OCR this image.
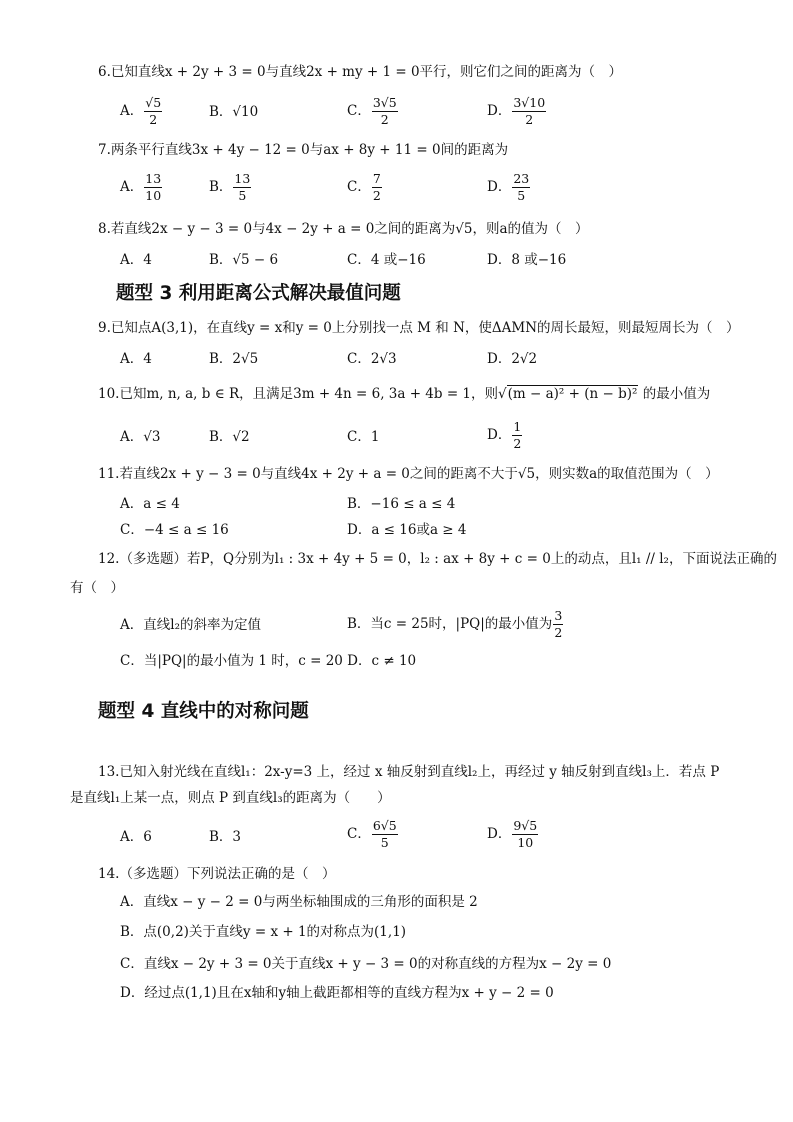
6.已知直线x + 2y + 3 = 0与直线2x + my + 1 = 0平行，则它们之间的距离为（　）
A． $\frac{√5}{2}$	B．√10	C． $\frac{3√5}{2}$	D． $\frac{3√10}{2}$
7.两条平行直线3x + 4y − 12 = 0与ax + 8y + 11 = 0间的距离为
A． $\frac{13}{10}$	B． $\frac{13}{5}$	C． $\frac{7}{2}$	D． $\frac{23}{5}$
8.若直线2x − y − 3 = 0与4x − 2y + a = 0之间的距离为√5，则a的值为（　）
A．4	B．√5 − 6	C．4 或−16	D．8 或−16
题型 3 利用距离公式解决最值问题
9.已知点A(3,1)，在直线y = x和y = 0上分别找一点 M 和 N，使ΔAMN的周长最短，则最短周长为（　）
A．4	B．2√5	C．2√3	D．2√2
10.已知m, n, a, b ∈ R，且满足3m + 4n = 6, 3a + 4b = 1，则√(m − a)² + (n − b)² 的最小值为
A．√3	B．√2	C．1	D． $\frac{1}{2}$
11.若直线2x + y − 3 = 0与直线4x + 2y + a = 0之间的距离不大于√5，则实数a的取值范围为（　）
A．a ≤ 4	B．−16 ≤ a ≤ 4
C．−4 ≤ a ≤ 16	D．a ≤ 16或a ≥ 4
12.（多选题）若P，Q分别为l₁ : 3x + 4y + 5 = 0，l₂ : ax + 8y + c = 0上的动点，且l₁ // l₂，下面说法正确的
有（　）
A．直线l₂的斜率为定值	B．当c = 25时，|PQ|的最小值为 $\frac{3}{2}$
C．当|PQ|的最小值为 1 时，c = 20 D．c ≠ 10
题型 4 直线中的对称问题
13.已知入射光线在直线l₁：2x-y=3 上，经过 x 轴反射到直线l₂上，再经过 y 轴反射到直线l₃上．若点 P
是直线l₁上某一点，则点 P 到直线l₃的距离为（　　）
A．6	B．3	C． $\frac{6√5}{5}$	D． $\frac{9√5}{10}$
14.（多选题）下列说法正确的是（　）
A．直线x − y − 2 = 0与两坐标轴围成的三角形的面积是 2
B．点(0,2)关于直线y = x + 1的对称点为(1,1)
C．直线x − 2y + 3 = 0关于直线x + y − 3 = 0的对称直线的方程为x − 2y = 0
D．经过点(1,1)且在x轴和y轴上截距都相等的直线方程为x + y − 2 = 0
